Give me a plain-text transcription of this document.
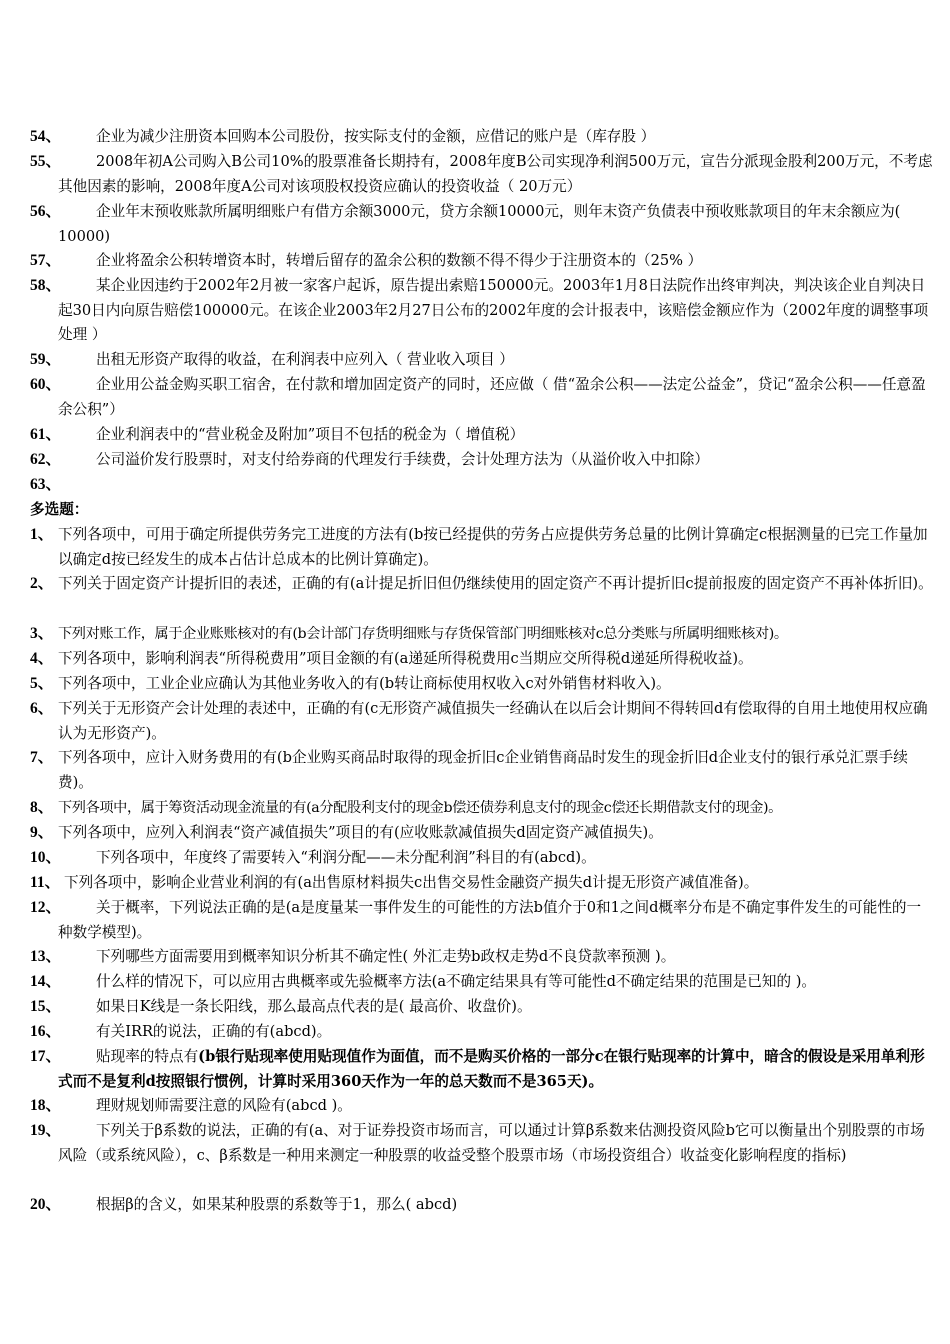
54、	企业为减少注册资本回购本公司股份，按实际支付的金额，应借记的账户是（库存股 ）
55、	2008年初A公司购入B公司10%的股票准备长期持有，2008年度B公司实现净利润500万元，宣告分派现金股利200万元，不考虑其他因素的影响，2008年度A公司对该项股权投资应确认的投资收益（ 20万元）
56、	企业年末预收账款所属明细账户有借方余额3000元，贷方余额10000元，则年末资产负债表中预收账款项目的年末余额应为( 10000)
57、	企业将盈余公积转增资本时，转增后留存的盈余公积的数额不得不得少于注册资本的（25% ）
58、	某企业因违约于2002年2月被一家客户起诉，原告提出索赔150000元。2003年1月8日法院作出终审判决，判决该企业自判决日起30日内向原告赔偿100000元。在该企业2003年2月27日公布的2002年度的会计报表中，该赔偿金额应作为（2002年度的调整事项处理 ）
59、	出租无形资产取得的收益，在利润表中应列入（ 营业收入项目 ）
60、	企业用公益金购买职工宿舍，在付款和增加固定资产的同时，还应做（ 借“盈余公积——法定公益金”，贷记“盈余公积——任意盈余公积”）
61、	企业利润表中的“营业税金及附加”项目不包括的税金为（ 增值税）
62、	公司溢价发行股票时，对支付给券商的代理发行手续费，会计处理方法为（从溢价收入中扣除）
63、
多选题：
1、 下列各项中，可用于确定所提供劳务完工进度的方法有(b按已经提供的劳务占应提供劳务总量的比例计算确定c根据测量的已完工作量加以确定d按已经发生的成本占估计总成本的比例计算确定)。
2、 下列关于固定资产计提折旧的表述，正确的有(a计提足折旧但仍继续使用的固定资产不再计提折旧c提前报废的固定资产不再补体折旧)。
3、 下列对账工作，属于企业账账核对的有(b会计部门存货明细账与存货保管部门明细账核对c总分类账与所属明细账核对)。
4、 下列各项中，影响利润表“所得税费用”项目金额的有(a递延所得税费用c当期应交所得税d递延所得税收益)。
5、 下列各项中，工业企业应确认为其他业务收入的有(b转让商标使用权收入c对外销售材料收入)。
6、 下列关于无形资产会计处理的表述中，正确的有(c无形资产减值损失一经确认在以后会计期间不得转回d有偿取得的自用土地使用权应确认为无形资产)。
7、 下列各项中，应计入财务费用的有(b企业购买商品时取得的现金折旧c企业销售商品时发生的现金折旧d企业支付的银行承兑汇票手续费)。
8、 下列各项中，属于筹资活动现金流量的有(a分配股利支付的现金b偿还债券利息支付的现金c偿还长期借款支付的现金)。
9、 下列各项中，应列入利润表“资产减值损失”项目的有(应收账款减值损失d固定资产减值损失)。
10、	下列各项中，年度终了需要转入“利润分配——未分配利润”科目的有(abcd)。
11、 下列各项中，影响企业营业利润的有(a出售原材料损失c出售交易性金融资产损失d计提无形资产减值准备)。
12、	关于概率，下列说法正确的是(a是度量某一事件发生的可能性的方法b值介于0和1之间d概率分布是不确定事件发生的可能性的一种数学模型)。
13、	下列哪些方面需要用到概率知识分析其不确定性( 外汇走势b政权走势d不良贷款率预测 )。
14、	什么样的情况下，可以应用古典概率或先验概率方法(a不确定结果具有等可能性d不确定结果的范围是已知的 )。
15、	如果日K线是一条长阳线，那么最高点代表的是( 最高价、收盘价)。
16、	有关IRR的说法，正确的有(abcd)。
17、	贴现率的特点有(b银行贴现率使用贴现值作为面值，而不是购买价格的一部分c在银行贴现率的计算中，暗含的假设是采用单利形式而不是复利d按照银行惯例，计算时采用360天作为一年的总天数而不是365天)。
18、	理财规划师需要注意的风险有(abcd )。
19、	下列关于β系数的说法，正确的有(a、对于证券投资市场而言，可以通过计算β系数来估测投资风险b它可以衡量出个别股票的市场风险（或系统风险），c、β系数是一种用来测定一种股票的收益受整个股票市场（市场投资组合）收益变化影响程度的指标)
20、	根据β的含义，如果某种股票的系数等于1，那么( abcd)
